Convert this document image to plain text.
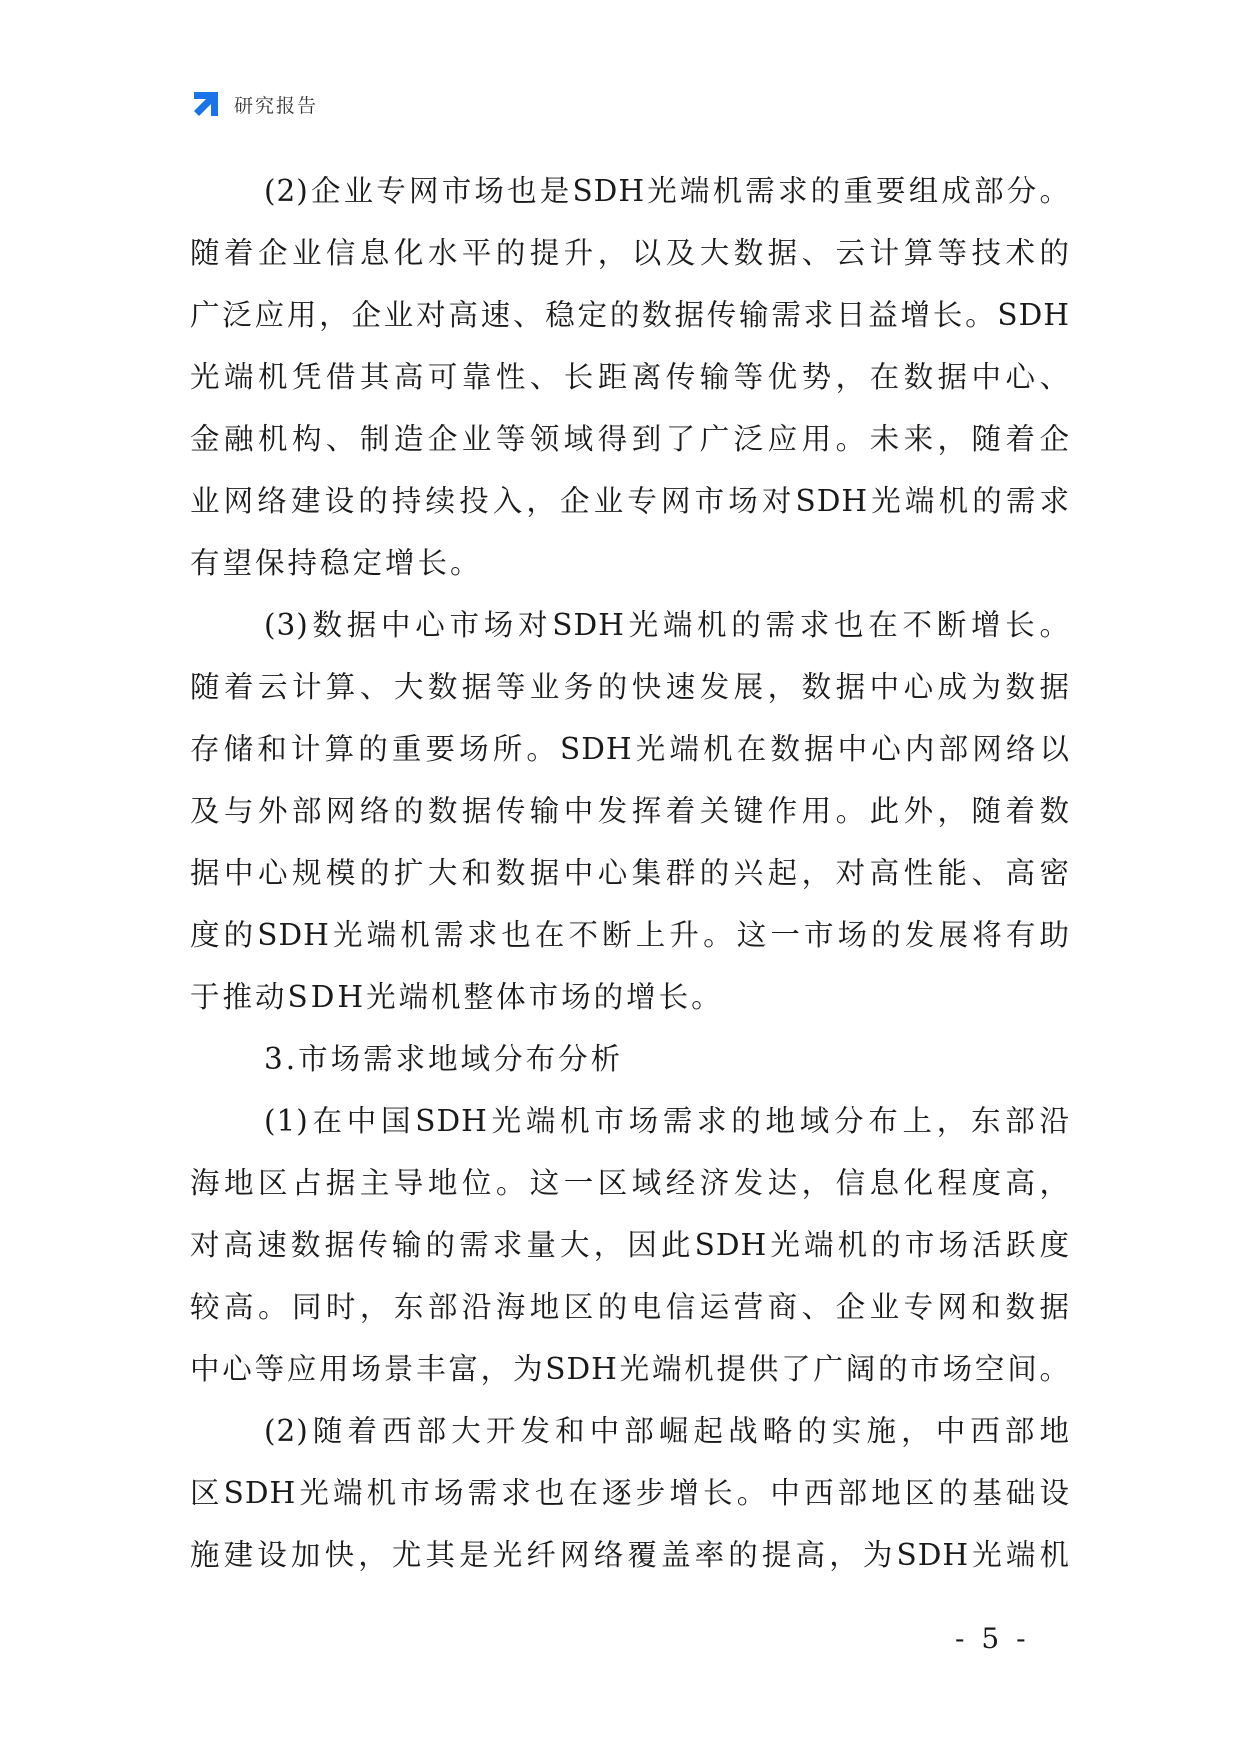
研究报告
(2)企业专网市场也是SDH光端机需求的重要组成部分。
随着企业信息化水平的提升，以及大数据、云计算等技术的
广泛应用，企业对高速、稳定的数据传输需求日益增长。SDH
光端机凭借其高可靠性、长距离传输等优势，在数据中心、
金融机构、制造企业等领域得到了广泛应用。未来，随着企
业网络建设的持续投入，企业专网市场对SDH光端机的需求
有望保持稳定增长。
(3)数据中心市场对SDH光端机的需求也在不断增长。
随着云计算、大数据等业务的快速发展，数据中心成为数据
存储和计算的重要场所。SDH光端机在数据中心内部网络以
及与外部网络的数据传输中发挥着关键作用。此外，随着数
据中心规模的扩大和数据中心集群的兴起，对高性能、高密
度的SDH光端机需求也在不断上升。这一市场的发展将有助
于推动SDH光端机整体市场的增长。
3.市场需求地域分布分析
(1)在中国SDH光端机市场需求的地域分布上，东部沿
海地区占据主导地位。这一区域经济发达，信息化程度高，
对高速数据传输的需求量大，因此SDH光端机的市场活跃度
较高。同时，东部沿海地区的电信运营商、企业专网和数据
中心等应用场景丰富，为SDH光端机提供了广阔的市场空间。
(2)随着西部大开发和中部崛起战略的实施，中西部地
区SDH光端机市场需求也在逐步增长。中西部地区的基础设
施建设加快，尤其是光纤网络覆盖率的提高，为SDH光端机
- 5 -
